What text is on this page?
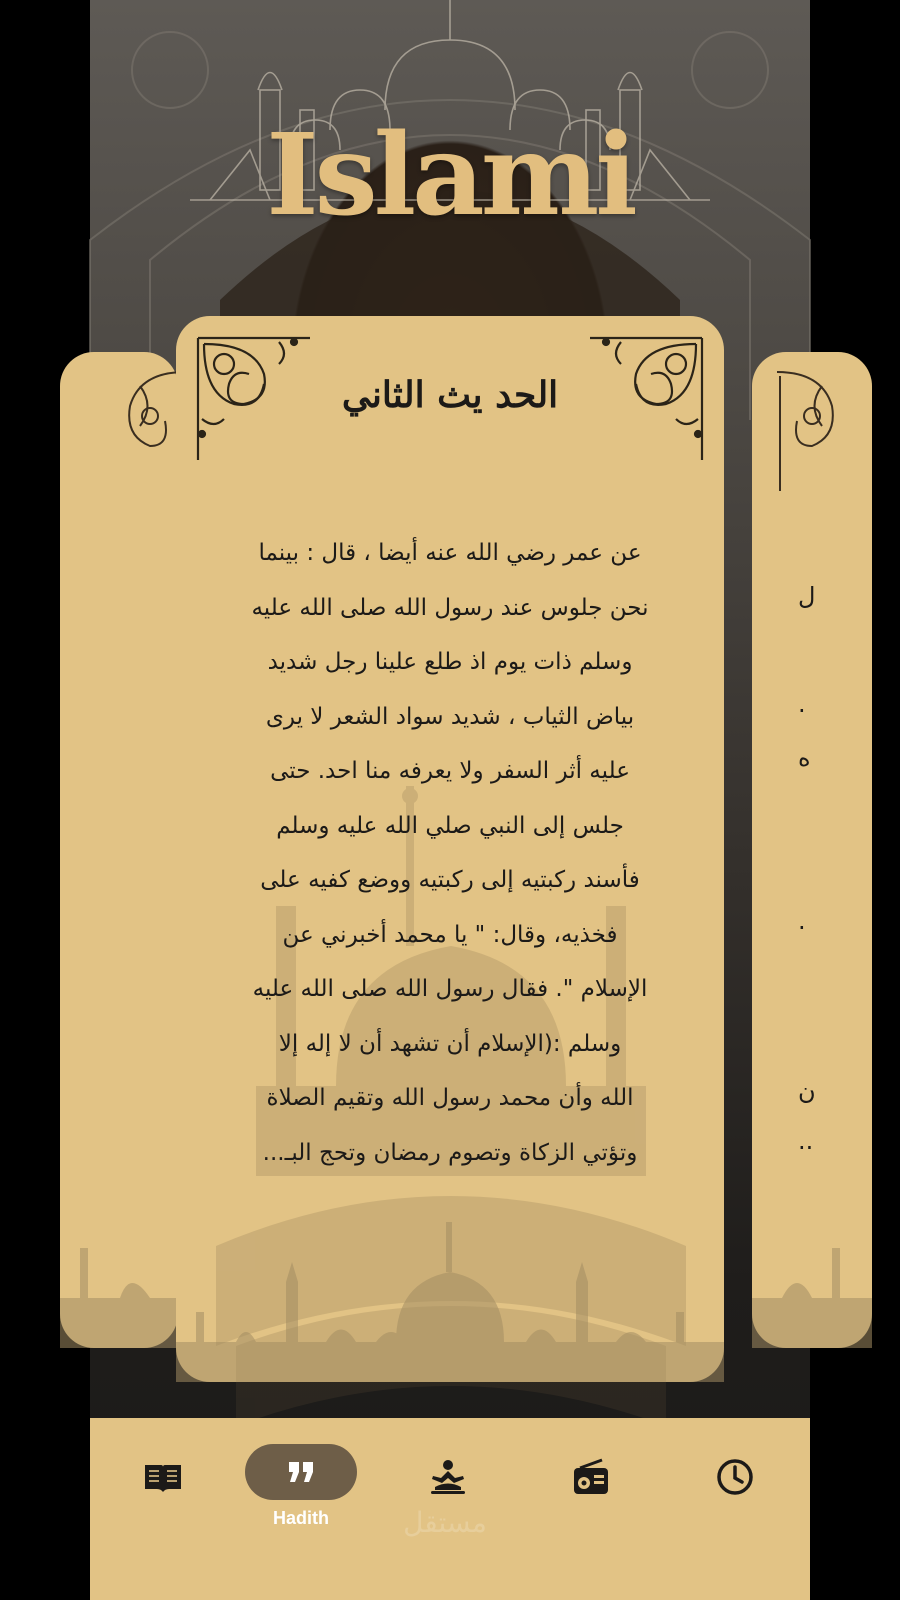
Islami
ل
.
ه
.
ن
..
الحد يث الثاني
عن عمر رضي الله عنه أيضا ، قال : بينما
نحن جلوس عند رسول الله صلى الله عليه
وسلم ذات يوم اذ طلع علينا رجل شديد
بياض الثياب ، شديد سواد الشعر لا يرى
عليه أثر السفر ولا يعرفه منا احد. حتى
جلس إلى النبي صلي الله عليه وسلم
فأسند ركبتيه إلى ركبتيه ووضع كفيه على
فخذيه، وقال: " يا محمد أخبرني عن
الإسلام ". فقال رسول الله صلى الله عليه
وسلم :(الإسلام أن تشهد أن لا إله إلا
الله وأن محمد رسول الله وتقيم الصلاة
وتؤتي الزكاة وتصوم رمضان وتحج البـ...
Hadith	مستقل
